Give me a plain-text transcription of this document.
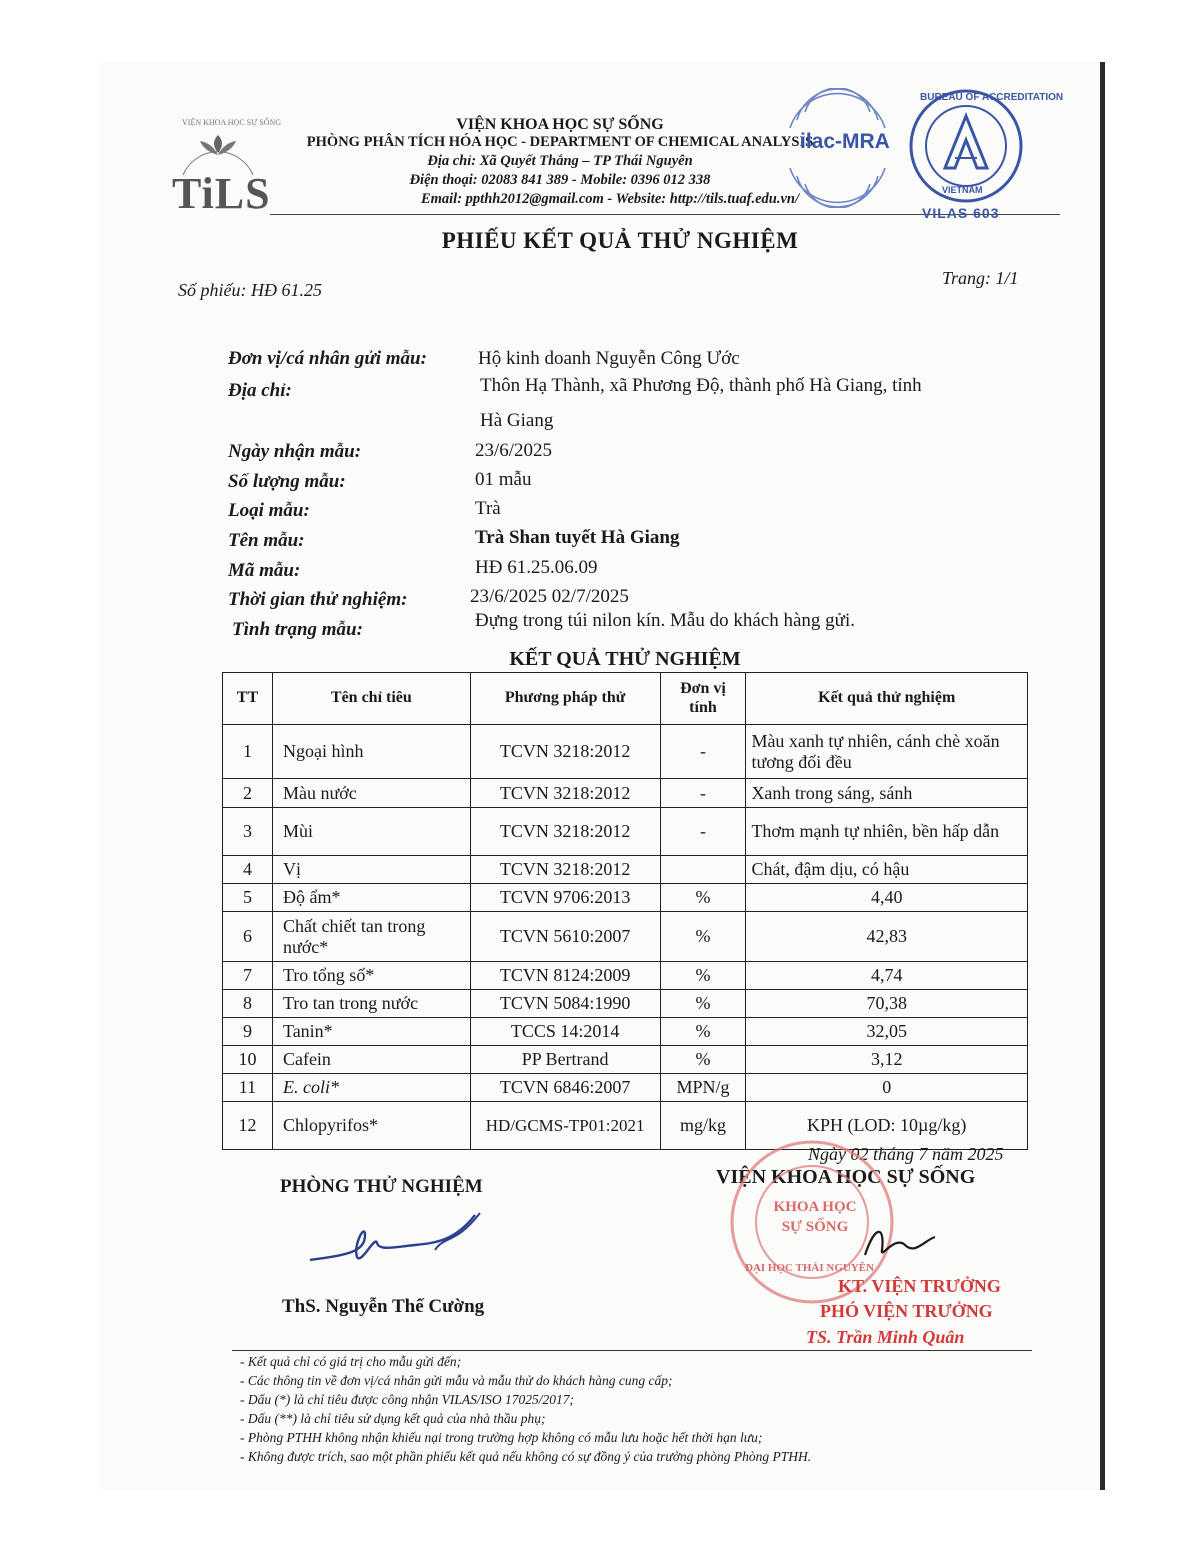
VIỆN KHOA HỌC SỰ SỐNG
TiLS
VIỆN KHOA HỌC SỰ SỐNG
PHÒNG PHÂN TÍCH HÓA HỌC - DEPARTMENT OF CHEMICAL ANALYSIS
Địa chỉ: Xã Quyết Thắng – TP Thái Nguyên
Điện thoại: 02083 841 389 - Mobile: 0396 012 338
Email: ppthh2012@gmail.com - Website: http://tils.tuaf.edu.vn/
ilac-MRA
BUREAU OF ACCREDITATION
VIETNAM
VILAS 603
PHIẾU KẾT QUẢ THỬ NGHIỆM
Số phiếu: HĐ 61.25
Trang: 1/1
Đơn vị/cá nhân gửi mẫu:	Hộ kinh doanh Nguyễn Công Ước
Địa chỉ:	Thôn Hạ Thành, xã Phương Độ, thành phố Hà Giang, tỉnh
Hà Giang
Ngày nhận mẫu:	23/6/2025
Số lượng mẫu:	01 mẫu
Loại mẫu:	Trà
Tên mẫu:	Trà Shan tuyết Hà Giang
Mã mẫu:	HĐ 61.25.06.09
Thời gian thử nghiệm:	23/6/2025 02/7/2025
Tình trạng mẫu:	Đựng trong túi nilon kín. Mẫu do khách hàng gửi.
KẾT QUẢ THỬ NGHIỆM
TT	Tên chỉ tiêu	Phương pháp thử	Đơn vị tính	Kết quả thử nghiệm
1	Ngoại hình	TCVN 3218:2012	-	Màu xanh tự nhiên, cánh chè xoăn tương đối đều
2	Màu nước	TCVN 3218:2012	-	Xanh trong sáng, sánh
3	Mùi	TCVN 3218:2012	-	Thơm mạnh tự nhiên, bền hấp dẫn
4	Vị	TCVN 3218:2012		Chát, đậm dịu, có hậu
5	Độ ẩm*	TCVN 9706:2013	%	4,40
6	Chất chiết tan trong nước*	TCVN 5610:2007	%	42,83
7	Tro tổng số*	TCVN 8124:2009	%	4,74
8	Tro tan trong nước	TCVN 5084:1990	%	70,38
9	Tanin*	TCCS 14:2014	%	32,05
10	Cafein	PP Bertrand	%	3,12
11	E. coli*	TCVN 6846:2007	MPN/g	0
12	Chlopyrifos*	HD/GCMS-TP01:2021	mg/kg	KPH (LOD: 10µg/kg)
Ngày 02 tháng 7 năm 2025
VIỆN KHOA HỌC SỰ SỐNG
PHÒNG THỬ NGHIỆM
ThS. Nguyễn Thế Cường
KHOA HỌC SỰ SỐNG
ĐẠI HỌC THÁI NGUYÊN
KT. VIỆN TRƯỞNG
PHÓ VIỆN TRƯỞNG
TS. Trần Minh Quân
- Kết quả chỉ có giá trị cho mẫu gửi đến;
- Các thông tin về đơn vị/cá nhân gửi mẫu và mẫu thử do khách hàng cung cấp;
- Dấu (*) là chỉ tiêu được công nhận VILAS/ISO 17025/2017;
- Dấu (**) là chỉ tiêu sử dụng kết quả của nhà thầu phụ;
- Phòng PTHH không nhận khiếu nại trong trường hợp không có mẫu lưu hoặc hết thời hạn lưu;
- Không được trích, sao một phần phiếu kết quả nếu không có sự đồng ý của trưởng phòng Phòng PTHH.
